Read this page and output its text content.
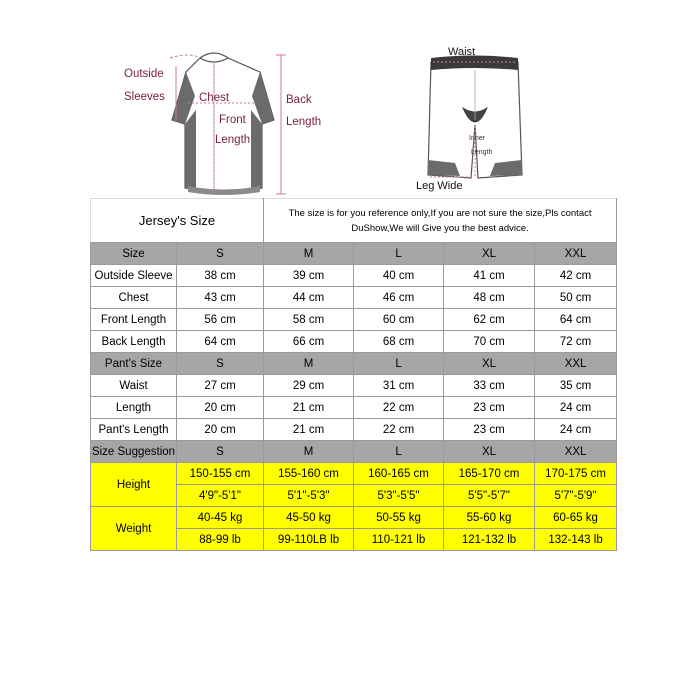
Outside
Sleeves	Chest
Front
Length
Back
Length
Waist
Inner
Length
Leg Wide
Jersey's Size		The size is for you reference only,If you are not sure the size,Pls contact
DuShow,We will Give you the best advice.			
Size	S	M	L	XL	XXL
Outside Sleeve	38 cm	39 cm	40 cm	41 cm	42 cm
Chest	43 cm	44 cm	46 cm	48 cm	50 cm
Front Length	56 cm	58 cm	60 cm	62 cm	64 cm
Back Length	64 cm	66 cm	68 cm	70 cm	72 cm
Pant's Size	S	M	L	XL	XXL
Waist	27 cm	29 cm	31 cm	33 cm	35 cm
Length	20 cm	21 cm	22 cm	23 cm	24 cm
Pant's Length	20 cm	21 cm	22 cm	23 cm	24 cm
Size Suggestion	S	M	L	XL	XXL
Height	150-155 cm	155-160 cm	160-165 cm	165-170 cm	170-175 cm
	4'9"-5'1"	5'1"-5'3"	5'3"-5'5"	5'5"-5'7"	5'7"-5'9"
Weight	40-45 kg	45-50 kg	50-55 kg	55-60 kg	60-65 kg
	88-99 lb	99-110LB lb	110-121 lb	121-132 lb	132-143 lb
